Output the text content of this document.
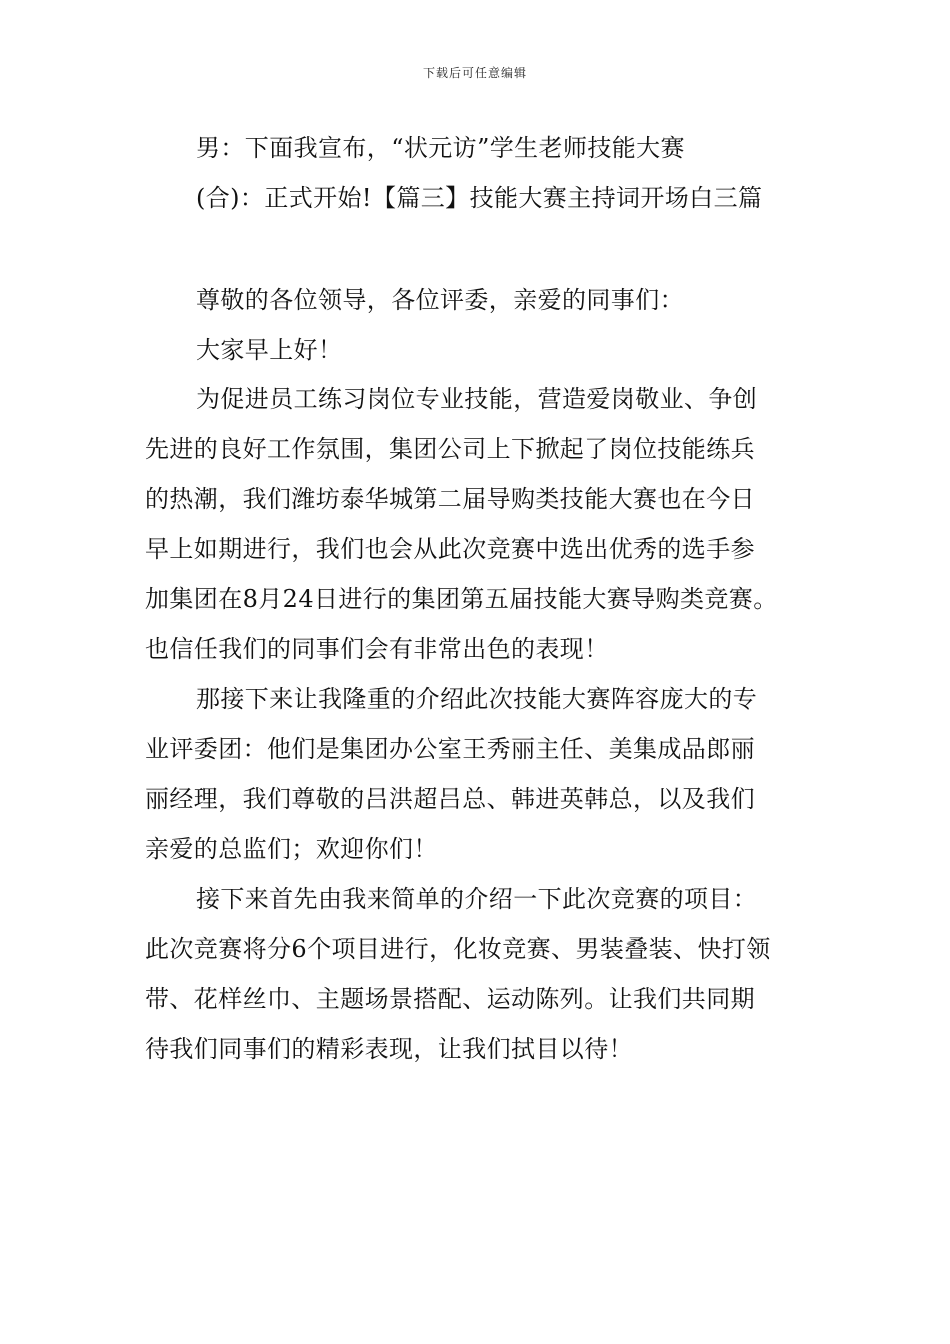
下载后可任意编辑
男：下面我宣布，“状元访”学生老师技能大赛
(合)：正式开始!【篇三】技能大赛主持词开场白三篇
尊敬的各位领导，各位评委，亲爱的同事们：
大家早上好！
为促进员工练习岗位专业技能，营造爱岗敬业、争创
先进的良好工作氛围，集团公司上下掀起了岗位技能练兵
的热潮，我们潍坊泰华城第二届导购类技能大赛也在今日
早上如期进行，我们也会从此次竞赛中选出优秀的选手参
加集团在8月24日进行的集团第五届技能大赛导购类竞赛。
也信任我们的同事们会有非常出色的表现！
那接下来让我隆重的介绍此次技能大赛阵容庞大的专
业评委团：他们是集团办公室王秀丽主任、美集成品郎丽
丽经理，我们尊敬的吕洪超吕总、韩进英韩总，以及我们
亲爱的总监们；欢迎你们！
接下来首先由我来简单的介绍一下此次竞赛的项目：
此次竞赛将分6个项目进行，化妆竞赛、男装叠装、快打领
带、花样丝巾、主题场景搭配、运动陈列。让我们共同期
待我们同事们的精彩表现，让我们拭目以待！
